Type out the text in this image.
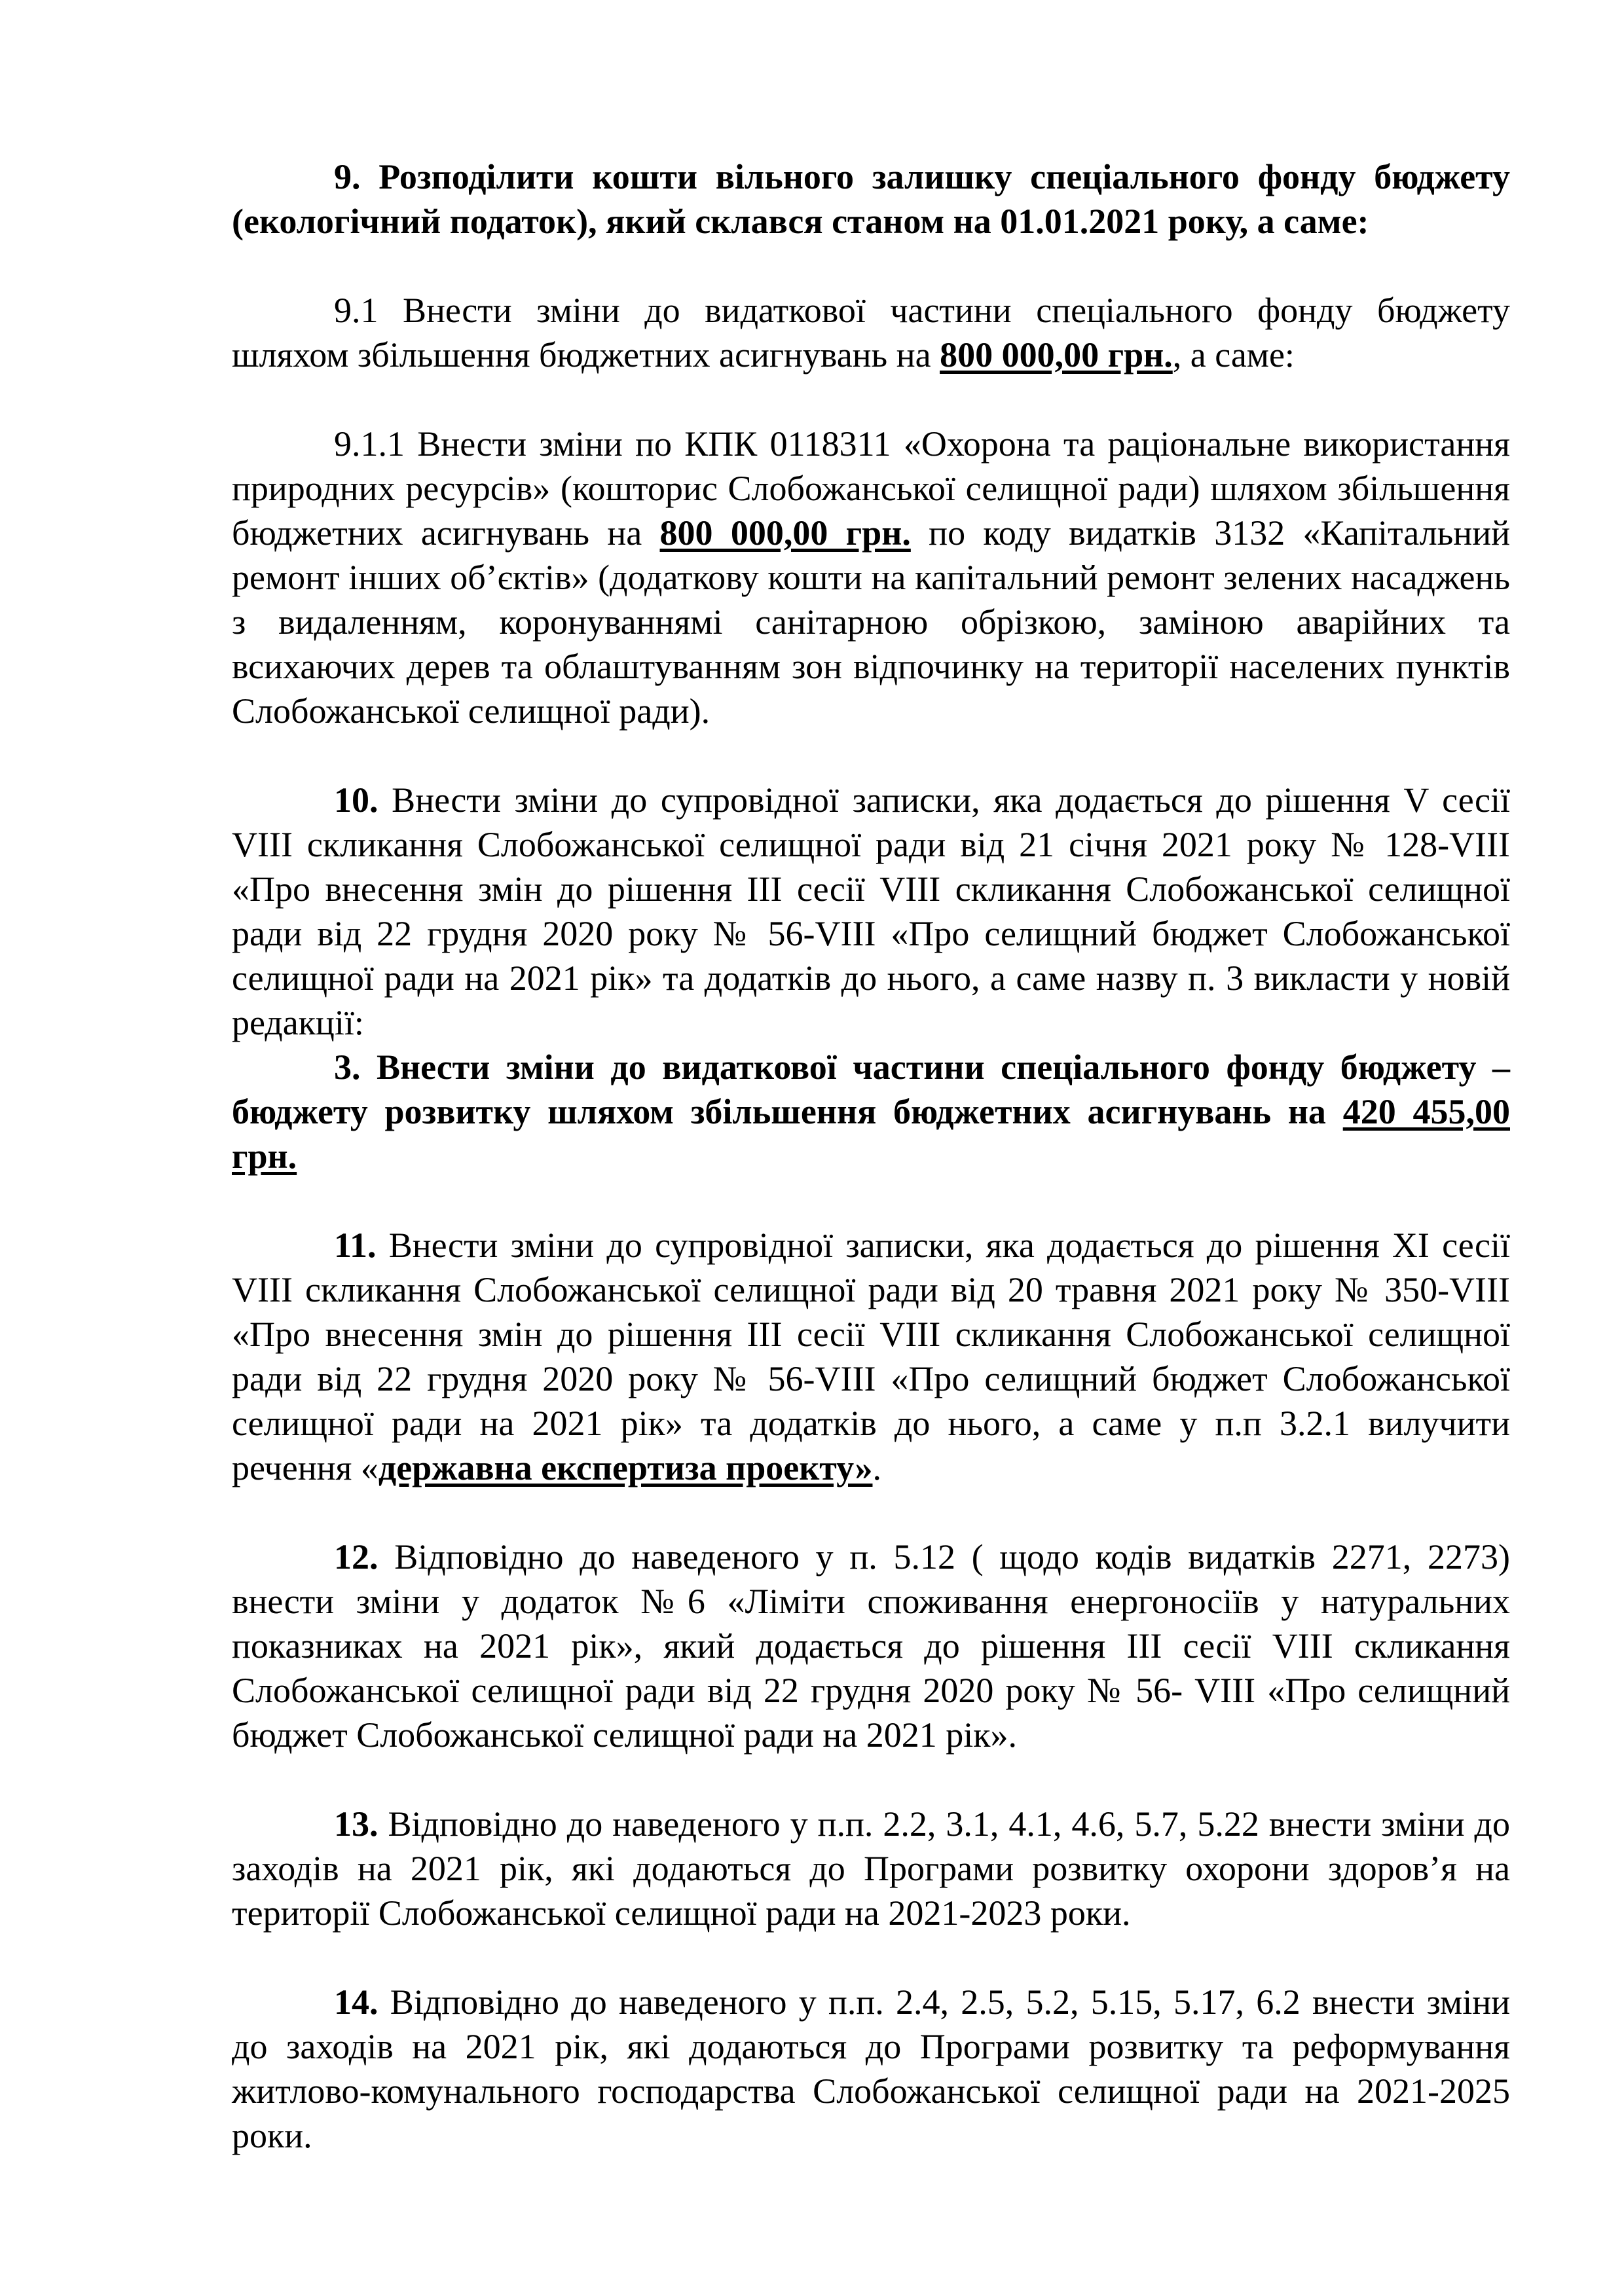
9. Розподілити кошти вільного залишку спеціального фонду бюджету (екологічний податок), який склався станом на 01.01.2021 року, а саме:

9.1 Внести зміни до видаткової частини спеціального фонду бюджету шляхом збільшення бюджетних асигнувань на 800 000,00 грн., а саме:

9.1.1 Внести зміни по КПК 0118311 «Охорона та раціональне використання природних ресурсів» (кошторис Слобожанської селищної ради) шляхом збільшення бюджетних асигнувань на 800 000,00 грн. по коду видатків 3132 «Капітальний ремонт інших об’єктів» (додаткову кошти на капітальний ремонт зелених насаджень з видаленням, коронуваннямі санітарною обрізкою, заміною аварійних та всихаючих дерев та облаштуванням зон відпочинку на території населених пунктів Слобожанської селищної ради).

10. Внести зміни до супровідної записки, яка додається до рішення V сесії VIII скликання Слобожанської селищної ради від 21 січня 2021 року № 128-VIII «Про внесення змін до рішення ІІІ сесії VIII скликання Слобожанської селищної ради від 22 грудня 2020 року № 56-VIII «Про селищний бюджет Слобожанської селищної ради на 2021 рік» та додатків до нього, а саме назву п. 3 викласти у новій редакції:

3. Внести зміни до видаткової частини спеціального фонду бюджету – бюджету розвитку шляхом збільшення бюджетних асигнувань на 420 455,00 грн.

11. Внести зміни до супровідної записки, яка додається до рішення XI сесії VIII скликання Слобожанської селищної ради від 20 травня 2021 року № 350-VIII «Про внесення змін до рішення ІІІ сесії VIII скликання Слобожанської селищної ради від 22 грудня 2020 року № 56-VIII «Про селищний бюджет Слобожанської селищної ради на 2021 рік» та додатків до нього, а саме у п.п 3.2.1 вилучити речення «державна експертиза проекту».

12. Відповідно до наведеного у п. 5.12 ( щодо кодів видатків 2271, 2273) внести зміни у додаток №6 «Ліміти споживання енергоносіїв у натуральних показниках на 2021 рік», який додається до рішення ІІІ сесії VIII скликання Слобожанської селищної ради від 22 грудня 2020 року № 56- VIII «Про селищний бюджет Слобожанської селищної ради на 2021 рік».

13. Відповідно до наведеного у п.п. 2.2, 3.1, 4.1, 4.6, 5.7, 5.22 внести зміни до заходів на 2021 рік, які додаються до Програми розвитку охорони здоров’я на території Слобожанської селищної ради на 2021-2023 роки.

14. Відповідно до наведеного у п.п. 2.4, 2.5, 5.2, 5.15, 5.17, 6.2 внести зміни до заходів на 2021 рік, які додаються до Програми розвитку та реформування житлово-комунального господарства Слобожанської селищної ради на 2021-2025 роки.
